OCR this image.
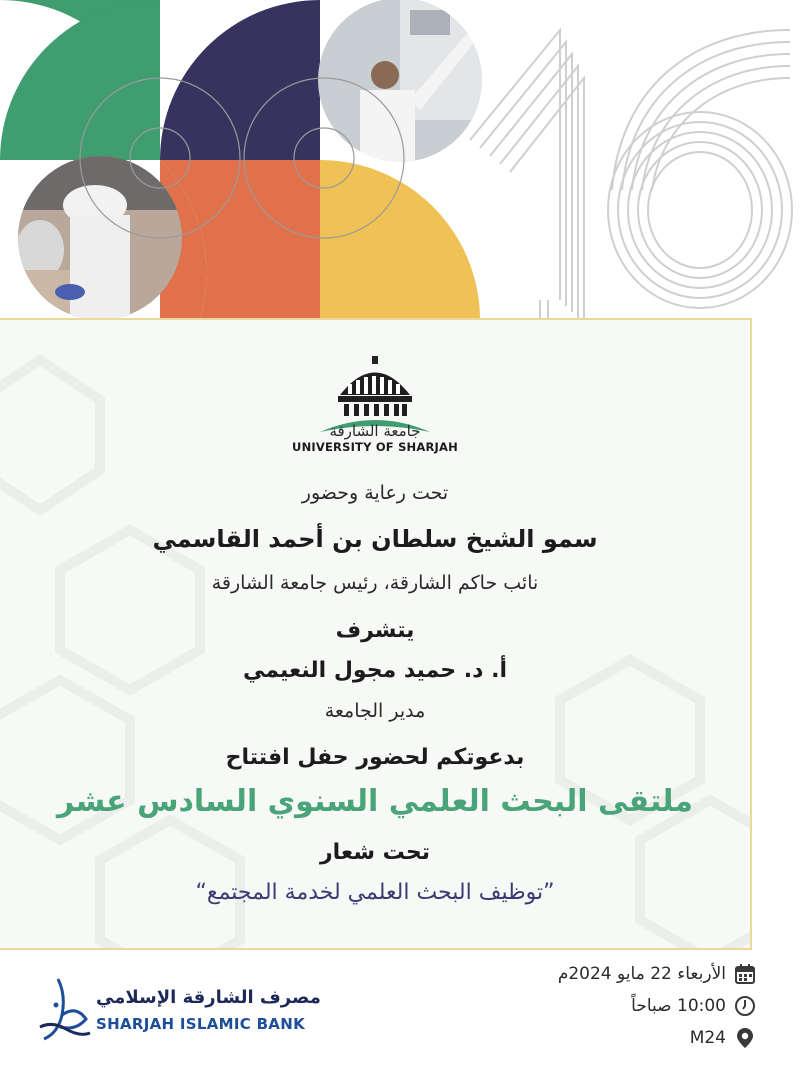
جامعة الشارقة
UNIVERSITY OF SHARJAH
تحت رعاية وحضور
سمو الشيخ سلطان بن أحمد القاسمي
نائب حاكم الشارقة، رئيس جامعة الشارقة
يتشرف
أ. د. حميد مجول النعيمي
مدير الجامعة
بدعوتكم لحضور حفل افتتاح
ملتقى البحث العلمي السنوي السادس عشر
تحت شعار
”توظيف البحث العلمي لخدمة المجتمع“
مصرف الشارقة الإسلامي
SHARJAH ISLAMIC BANK
الأربعاء 22 مايو 2024م
10:00 صباحاً
M24
